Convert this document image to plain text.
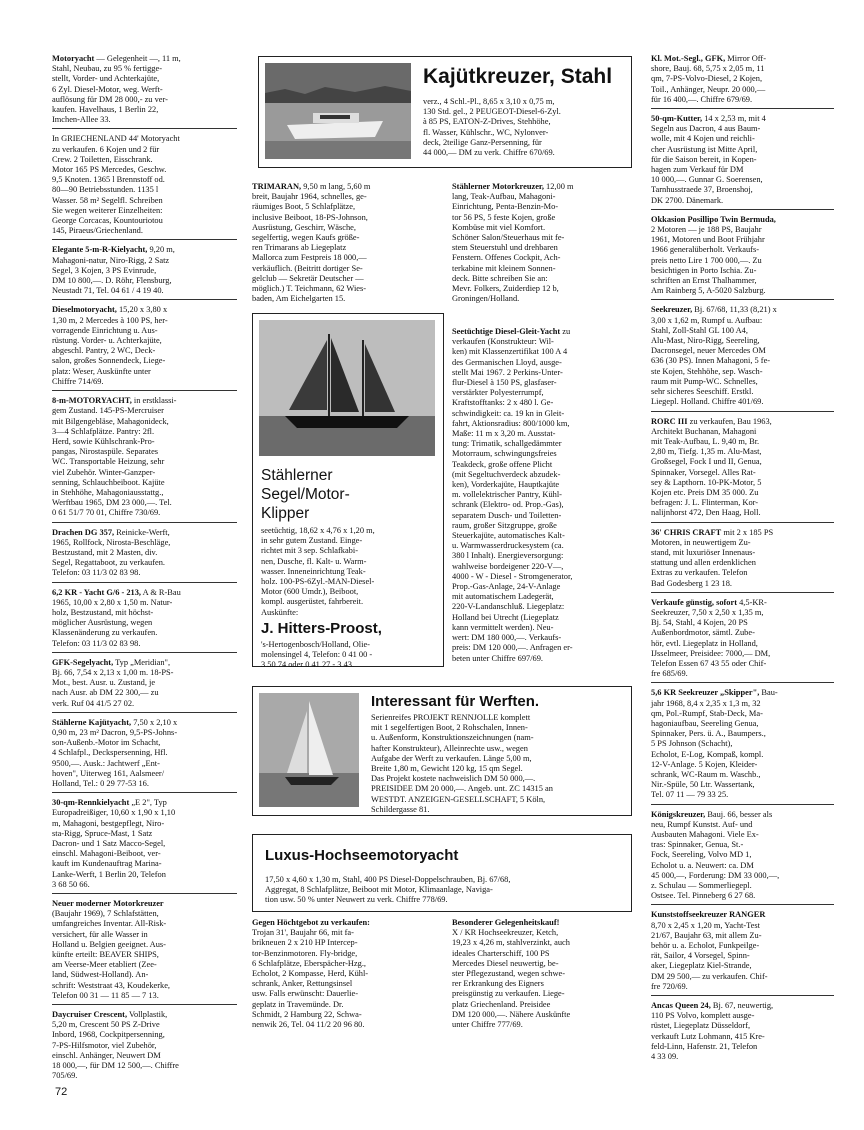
Motoryacht — Gelegenheit —, 11 m,
Stahl, Neubau, zu 95 % fertigge-
stellt, Vorder- und Achterkajüte,
6 Zyl. Diesel-Motor, weg. Werft-
auflösung für DM 28 000,- zu ver-
kaufen. Havelhaus, 1 Berlin 22,
Imchen-Allee 33.
In GRIECHENLAND 44' Motoryacht
zu verkaufen. 6 Kojen und 2 für
Crew. 2 Toiletten, Eisschrank.
Motor 165 PS Mercedes, Geschw.
9,5 Knoten. 1365 l Brennstoff od.
80—90 Betriebsstunden. 1135 l
Wasser. 58 m² Segelfl. Schreiben
Sie wegen weiterer Einzelheiten:
George Corcacas, Kountouriotou
145, Piraeus/Griechenland.
Elegante 5-m-R-Kielyacht, 9,20 m,
Mahagoni-natur, Niro-Rigg, 2 Satz
Segel, 3 Kojen, 3 PS Evinrude,
DM 10 800,—. D. Röhr, Flensburg,
Neustadt 71, Tel. 04 61 / 4 19 40.
Dieselmotoryacht, 15,20 x 3,80 x
1,30 m, 2 Mercedes à 100 PS, her-
vorragende Einrichtung u. Aus-
rüstung. Vorder- u. Achterkajüte,
abgeschl. Pantry, 2 WC, Deck-
salon, großes Sonnendeck, Liege-
platz: Weser, Auskünfte unter
Chiffre 714/69.
8-m-MOTORYACHT, in erstklassi-
gem Zustand. 145-PS-Mercruiser
mit Bilgengebläse, Mahagonideck,
3—4 Schlafplätze. Pantry: 2fl.
Herd, sowie Kühlschrank-Pro-
pangas, Nirostaspüle. Separates
WC. Transportable Heizung, sehr
viel Zubehör. Winter-Ganzper-
senning, Schlauchbeiboot. Kajüte
in Stehhöhe, Mahagoniausstattg.,
Werftbau 1965, DM 23 000,—. Tel.
0 61 51/7 70 01, Chiffre 730/69.
Drachen DG 357, Reinicke-Werft,
1965, Rollfock, Nirosta-Beschläge,
Bestzustand, mit 2 Masten, div.
Segel, Regattaboot, zu verkaufen.
Telefon: 03 11/3 02 83 98.
6,2 KR - Yacht G/6 - 213, A & R-Bau
1965, 10,00 x 2,80 x 1,50 m. Natur-
holz, Bestzustand, mit höchst-
möglicher Ausrüstung, wegen
Klassenänderung zu verkaufen.
Telefon: 03 11/3 02 83 98.
GFK-Segelyacht, Typ „Meridian",
Bj. 66, 7,54 x 2,13 x 1,00 m. 18-PS-
Mot., best. Ausr. u. Zustand, je
nach Ausr. ab DM 22 300,— zu
verk. Ruf 04 41/5 27 02.
Stählerne Kajütyacht, 7,50 x 2,10 x
0,90 m, 23 m² Dacron, 9,5-PS-Johns-
son-Außenb.-Motor im Schacht,
4 Schlafpl., Deckspersenning, Hfl.
9500,—. Ausk.: Jachtwerf „Ent-
hoven", Uiterweg 161, Aalsmeer/
Holland, Tel.: 0 29 77-53 16.
30-qm-Rennkielyacht „E 2", Typ
Europadreißiger, 10,60 x 1,90 x 1,10
m, Mahagoni, bestgepflegt, Niro-
sta-Rigg, Spruce-Mast, 1 Satz
Dacron- und 1 Satz Macco-Segel,
einschl. Mahagoni-Beiboot, ver-
kauft im Kundenauftrag Marina-
Lanke-Werft, 1 Berlin 20, Telefon
3 68 50 66.
Neuer moderner Motorkreuzer
(Baujahr 1969), 7 Schlafstätten,
umfangreiches Inventar. All-Risk-
versichert, für alle Wasser in
Holland u. Belgien geeignet. Aus-
künfte erteilt: BEAVER SHIPS,
am Veerse-Meer etabliert (Zee-
land, Südwest-Holland). An-
schrift: Weststraat 43, Koudekerke,
Telefon 00 31 — 11 85 — 7 13.
Daycruiser Crescent, Vollplastik,
5,20 m, Crescent 50 PS Z-Drive
Inbord, 1968, Cockpitpersenning,
7-PS-Hilfsmotor, viel Zubehör,
einschl. Anhänger, Neuwert DM
18 000,—, für DM 12 500,—. Chiffre
705/69.
Kl. Mot.-Segl., GFK, Mirror Off-
shore, Bauj. 68, 5,75 x 2,05 m, 11
qm, 7-PS-Volvo-Diesel, 2 Kojen,
Toil., Anhänger, Neupr. 20 000,—
für 16 400,—. Chiffre 679/69.
50-qm-Kutter, 14 x 2,53 m, mit 4
Segeln aus Dacron, 4 aus Baum-
wolle, mit 4 Kojen und reichli-
cher Ausrüstung ist Mitte April,
für die Saison bereit, in Kopen-
hagen zum Verkauf für DM
10 000,—. Gunnar G. Soerensen,
Tarnhusstraede 37, Broenshoj,
DK 2700. Dänemark.
Okkasion Posillipo Twin Bermuda,
2 Motoren — je 188 PS, Baujahr
1961, Motoren und Boot Frühjahr
1966 generalüberholt. Verkaufs-
preis netto Lire 1 700 000,—. Zu
besichtigen in Porto Ischia. Zu-
schriften an Ernst Thalhammer,
Am Rainberg 5, A-5020 Salzburg.
Seekreuzer, Bj. 67/68, 11,33 (8,21) x
3,00 x 1,62 m, Rumpf u. Aufbau:
Stahl, Zoll-Stahl GL 100 A4,
Alu-Mast, Niro-Rigg, Seereling,
Dacronsegel, neuer Mercedes OM
636 (30 PS). Innen Mahagoni, 5 fe-
ste Kojen, Stehhöhe, sep. Wasch-
raum mit Pump-WC. Schnelles,
sehr sicheres Seeschiff. Erstkl.
Liegepl. Holland. Chiffre 401/69.
RORC III zu verkaufen, Bau 1963,
Architekt Buchanan, Mahagoni
mit Teak-Aufbau, L. 9,40 m, Br.
2,80 m, Tiefg. 1,35 m. Alu-Mast,
Großsegel, Fock I und II, Genua,
Spinnaker, Vorsegel. Alles Rat-
sey & Lapthorn. 10-PK-Motor, 5
Kojen etc. Preis DM 35 000. Zu
befragen: J. L. Flinterman, Kor-
nalijnhorst 472, Den Haag, Holl.
36' CHRIS CRAFT mit 2 x 185 PS
Motoren, in neuwertigem Zu-
stand, mit luxuriöser Innenaus-
stattung und allen erdenklichen
Extras zu verkaufen. Telefon
Bad Godesberg 1 23 18.
Verkaufe günstig, sofort 4,5-KR-
Seekreuzer, 7,50 x 2,50 x 1,35 m,
Bj. 54, Stahl, 4 Kojen, 20 PS
Außenbordmotor, sämtl. Zube-
hör, evtl. Liegeplatz in Holland,
IJsselmeer, Preisidee: 7000,— DM,
Telefon Essen 67 43 55 oder Chif-
fre 685/69.
5,6 KR Seekreuzer „Skipper", Bau-
jahr 1968, 8,4 x 2,35 x 1,3 m, 32
qm, Pol.-Rumpf, Stab-Deck, Ma-
hagoniaufbau, Seereling Genua,
Spinnaker, Pers. ü. A., Baumpers.,
5 PS Johnson (Schacht),
Echolot, E-Log, Kompaß, kompl.
12-V-Anlage. 5 Kojen, Kleider-
schrank, WC-Raum m. Waschb.,
Nir.-Spüle, 50 Ltr. Wassertank,
Tel. 07 11 — 79 33 25.
Königskreuzer, Bauj. 66, besser als
neu, Rumpf Kunstst. Auf- und
Ausbauten Mahagoni. Viele Ex-
tras: Spinnaker, Genua, St.-
Fock, Seereling, Volvo MD 1,
Echolot u. a. Neuwert: ca. DM
45 000,—, Forderung: DM 33 000,—,
z. Schulau — Sommerliegepl.
Ostsee. Tel. Pinneberg 6 27 68.
Kunststoffseekreuzer RANGER
8,70 x 2,45 x 1,20 m, Yacht-Test
21/67, Baujahr 63, mit allem Zu-
behör u. a. Echolot, Funkpeilge-
rät, Sailor, 4 Vorsegel, Spinn-
aker, Liegeplatz Kiel-Strande,
DM 29 500,— zu verkaufen. Chif-
fre 720/69.
Ancas Queen 24, Bj. 67, neuwertig,
110 PS Volvo, komplett ausge-
rüstet, Liegeplatz Düsseldorf,
verkauft Lutz Lohmann, 415 Kre-
feld-Linn, Hafenstr. 21, Telefon
4 33 09.
Kajütkreuzer, Stahl
verz., 4 Schl.-Pl., 8,65 x 3,10 x 0,75 m,
130 Std. gel., 2 PEUGEOT-Diesel-6-Zyl.
à 85 PS, EATON-Z-Drives, Stehhöhe,
fl. Wasser, Kühlschr., WC, Nylonver-
deck, 2teilige Ganz-Persenning, für
44 000,— DM zu verk. Chiffre 670/69.
TRIMARAN, 9,50 m lang, 5,60 m
breit, Baujahr 1964, schnelles, ge-
räumiges Boot, 5 Schlafplätze,
inclusive Beiboot, 18-PS-Johnson,
Ausrüstung, Geschirr, Wäsche,
segelfertig, wegen Kaufs größe-
ren Trimarans ab Liegeplatz
Mallorca zum Festpreis 18 000,—
verkäuflich. (Beitritt dortiger Se-
gelclub — Sekretär Deutscher —
möglich.) T. Teichmann, 62 Wies-
baden, Am Eichelgarten 15.
Stählerner Motorkreuzer, 12,00 m
lang, Teak-Aufbau, Mahagoni-
Einrichtung, Penta-Benzin-Mo-
tor 56 PS, 5 feste Kojen, große
Kombüse mit viel Komfort.
Schöner Salon/Steuerhaus mit fe-
stem Steuerstuhl und drehbaren
Fenstern. Offenes Cockpit, Ach-
terkabine mit kleinem Sonnen-
deck. Bitte schreiben Sie an:
Mevr. Folkers, Zuiderdiep 12 b,
Groningen/Holland.
Stählerner
Segel/Motor-
Klipper
seetüchtig, 18,62 x 4,76 x 1,20 m,
in sehr gutem Zustand. Einge-
richtet mit 3 sep. Schlafkabi-
nen, Dusche, fl. Kalt- u. Warm-
wasser. Inneneinrichtung Teak-
holz. 100-PS-6Zyl.-MAN-Diesel-
Motor (600 Umdr.), Beiboot,
kompl. ausgerüstet, fahrbereit.
Auskünfte:
J. Hitters-Proost,
's-Hertogenbosch/Holland, Olie-
molensingel 4, Telefon: 0 41 00 -
3 50 74 oder 0 41 27 - 3 43.
Seetüchtige Diesel-Gleit-Yacht zu
verkaufen (Konstrukteur: Wil-
ken) mit Klassenzertifikat 100 A 4
des Germanischen Lloyd, ausge-
stellt Mai 1967. 2 Perkins-Unter-
flur-Diesel à 150 PS, glasfaser-
verstärkter Polyesterrumpf,
Kraftstofftanks: 2 x 480 l. Ge-
schwindigkeit: ca. 19 kn in Gleit-
fahrt, Aktionsradius: 800/1000 km,
Maße: 11 m x 3,20 m. Ausstat-
tung: Trimatik, schallgedämmter
Motorraum, schwingungsfreies
Teakdeck, große offene Plicht
(mit Segeltuchverdeck abzudek-
ken), Vorderkajüte, Hauptkajüte
m. vollelektrischer Pantry, Kühl-
schrank (Elektro- od. Prop.-Gas),
separatem Dusch- und Toiletten-
raum, großer Sitzgruppe, große
Steuerkajüte, automatisches Kalt-
u. Warmwasserdruckesystem (ca.
380 l Inhalt). Energieversorgung:
wahlweise bordeigener 220-V—,
4000 - W - Diesel - Stromgenerator,
Prop.-Gas-Anlage, 24-V-Anlage
mit automatischem Ladegerät,
220-V-Landanschluß. Liegeplatz:
Holland bei Utrecht (Liegeplatz
kann vermittelt werden). Neu-
wert: DM 180 000,—. Verkaufs-
preis: DM 120 000,—. Anfragen er-
beten unter Chiffre 697/69.
Interessant für Werften.
Serienreifes PROJEKT RENNJOLLE komplett
mit 1 segelfertigen Boot, 2 Rohschalen, Innen-
u. Außenform, Konstruktionszeichnungen (nam-
hafter Konstrukteur), Alleinrechte usw., wegen
Aufgabe der Werft zu verkaufen. Länge 5,00 m,
Breite 1,80 m, Gewicht 120 kg, 15 qm Segel.
Das Projekt kostete nachweislich DM 50 000,—.
PREISIDEE DM 20 000,—. Angeb. unt. ZC 14315 an
WESTDT. ANZEIGEN-GESELLSCHAFT, 5 Köln,
Schildergasse 81.
Luxus-Hochseemotoryacht
17,50 x 4,60 x 1,30 m, Stahl, 400 PS Diesel-Doppelschrauben, Bj. 67/68,
Aggregat, 8 Schlafplätze, Beiboot mit Motor, Klimaanlage, Naviga-
tion usw. 50 % unter Neuwert zu verk. Chiffre 778/69.
Gegen Höchtgebot zu verkaufen:
Trojan 31', Baujahr 66, mit fa-
brikneuen 2 x 210 HP Intercep-
tor-Benzinmotoren. Fly-bridge,
6 Schlafplätze, Eberspächer-Hzg.,
Echolot, 2 Kompasse, Herd, Kühl-
schrank, Anker, Rettungsinsel
usw. Falls erwünscht: Dauerlie-
geplatz in Travemünde. Dr.
Schmidt, 2 Hamburg 22, Schwa-
nenwik 26, Tel. 04 11/2 20 96 80.
Besonderer Gelegenheitskauf!
X / KR Hochseekreuzer, Ketch,
19,23 x 4,26 m, stahlverzinkt, auch
ideales Charterschiff, 100 PS
Mercedes Diesel neuwertig, be-
ster Pflegezustand, wegen schwe-
rer Erkrankung des Eigners
preisgünstig zu verkaufen. Liege-
platz Griechenland. Preisidee
DM 120 000,—. Nähere Auskünfte
unter Chiffre 777/69.
72
